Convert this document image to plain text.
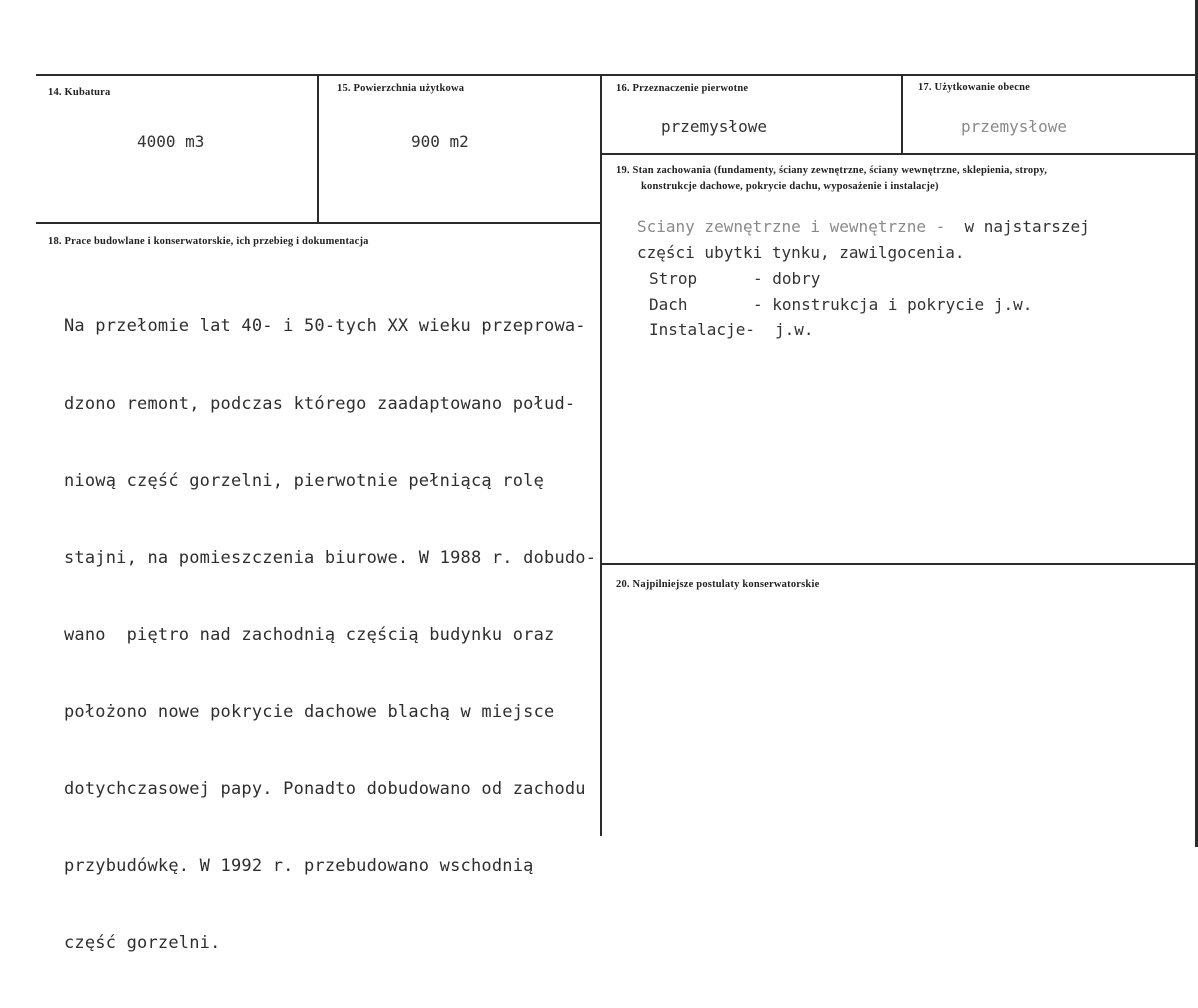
14. Kubatura
4000 m3
15. Powierzchnia użytkowa
900 m2
16. Przeznaczenie pierwotne
przemysłowe
17. Użytkowanie obecne
przemysłowe
19. Stan zachowania (fundamenty, ściany zewnętrzne, ściany wewnętrzne, sklepienia, stropy,
konstrukcje dachowe, pokrycie dachu, wyposażenie i instalacje)
Sciany zewnętrzne i wewnętrzne -  w najstarszej
części ubytki tynku, zawilgocenia.
Strop	- dobry
Dach	- konstrukcja i pokrycie j.w.
Instalacje- j.w.
18. Prace budowlane i konserwatorskie, ich przebieg i dokumentacja

Na przełomie lat 40- i 50-tych XX wieku przeprowa-

dzono remont, podczas którego zaadaptowano połud-

niową część gorzelni, pierwotnie pełniącą rolę

stajni, na pomieszczenia biurowe. W 1988 r. dobudo-

wano  piętro nad zachodnią częścią budynku oraz

położono nowe pokrycie dachowe blachą w miejsce

dotychczasowej papy. Ponadto dobudowano od zachodu

przybudówkę. W 1992 r. przebudowano wschodnią

część gorzelni.

20. Najpilniejsze postulaty konserwatorskie
